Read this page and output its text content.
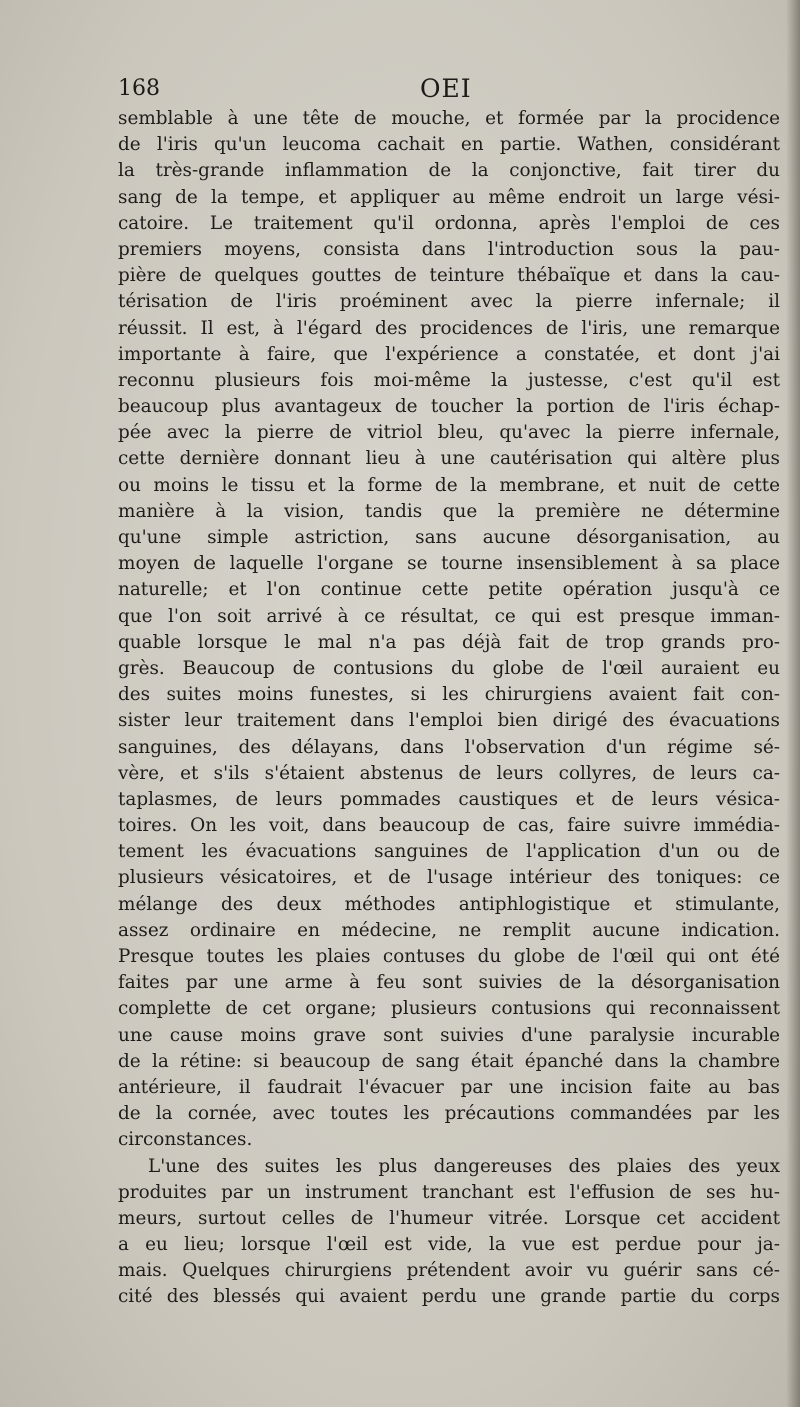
168	OEI
semblable à une tête de mouche, et formée par la procidence
de l'iris qu'un leucoma cachait en partie. Wathen, considérant
la très-grande inflammation de la conjonctive, fait tirer du
sang de la tempe, et appliquer au même endroit un large vési-
catoire. Le traitement qu'il ordonna, après l'emploi de ces
premiers moyens, consista dans l'introduction sous la pau-
pière de quelques gouttes de teinture thébaïque et dans la cau-
térisation de l'iris proéminent avec la pierre infernale; il
réussit. Il est, à l'égard des procidences de l'iris, une remarque
importante à faire, que l'expérience a constatée, et dont j'ai
reconnu plusieurs fois moi-même la justesse, c'est qu'il est
beaucoup plus avantageux de toucher la portion de l'iris échap-
pée avec la pierre de vitriol bleu, qu'avec la pierre infernale,
cette dernière donnant lieu à une cautérisation qui altère plus
ou moins le tissu et la forme de la membrane, et nuit de cette
manière à la vision, tandis que la première ne détermine
qu'une simple astriction, sans aucune désorganisation, au
moyen de laquelle l'organe se tourne insensiblement à sa place
naturelle; et l'on continue cette petite opération jusqu'à ce
que l'on soit arrivé à ce résultat, ce qui est presque imman-
quable lorsque le mal n'a pas déjà fait de trop grands pro-
grès. Beaucoup de contusions du globe de l'œil auraient eu
des suites moins funestes, si les chirurgiens avaient fait con-
sister leur traitement dans l'emploi bien dirigé des évacuations
sanguines, des délayans, dans l'observation d'un régime sé-
vère, et s'ils s'étaient abstenus de leurs collyres, de leurs ca-
taplasmes, de leurs pommades caustiques et de leurs vésica-
toires. On les voit, dans beaucoup de cas, faire suivre immédia-
tement les évacuations sanguines de l'application d'un ou de
plusieurs vésicatoires, et de l'usage intérieur des toniques: ce
mélange des deux méthodes antiphlogistique et stimulante,
assez ordinaire en médecine, ne remplit aucune indication.
Presque toutes les plaies contuses du globe de l'œil qui ont été
faites par une arme à feu sont suivies de la désorganisation
complette de cet organe; plusieurs contusions qui reconnaissent
une cause moins grave sont suivies d'une paralysie incurable
de la rétine: si beaucoup de sang était épanché dans la chambre
antérieure, il faudrait l'évacuer par une incision faite au bas
de la cornée, avec toutes les précautions commandées par les
circonstances.
L'une des suites les plus dangereuses des plaies des yeux
produites par un instrument tranchant est l'effusion de ses hu-
meurs, surtout celles de l'humeur vitrée. Lorsque cet accident
a eu lieu; lorsque l'œil est vide, la vue est perdue pour ja-
mais. Quelques chirurgiens prétendent avoir vu guérir sans cé-
cité des blessés qui avaient perdu une grande partie du corps
